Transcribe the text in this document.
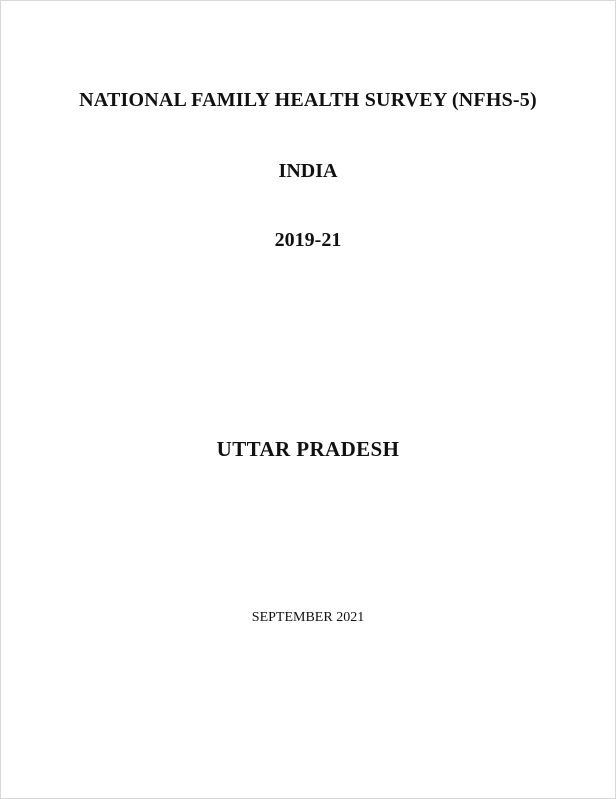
NATIONAL FAMILY HEALTH SURVEY (NFHS-5)
INDIA
2019-21
UTTAR PRADESH
SEPTEMBER 2021
